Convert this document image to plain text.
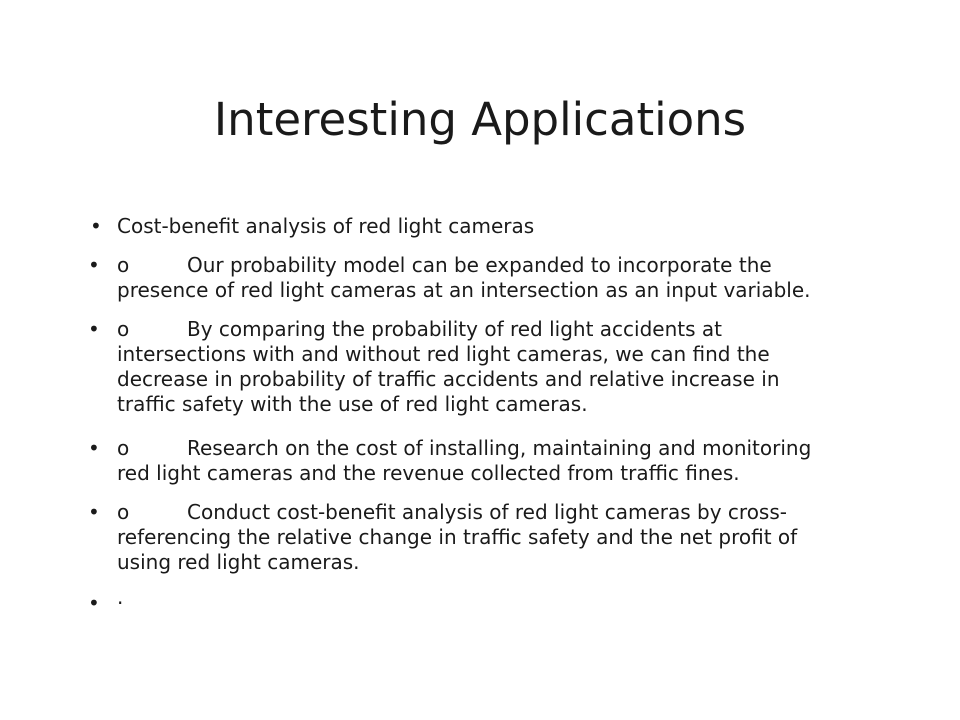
Interesting Applications
• Cost-benefit analysis of red light cameras
• o	Our probability model can be expanded to incorporate the presence of red light cameras at an intersection as an input variable.
• o	By comparing the probability of red light accidents at intersections with and without red light cameras, we can find the decrease in probability of traffic accidents and relative increase in traffic safety with the use of red light cameras.
• o	Research on the cost of installing, maintaining and monitoring red light cameras and the revenue collected from traffic fines.
• o	Conduct cost-benefit analysis of red light cameras by cross-referencing the relative change in traffic safety and the net profit of using red light cameras.
• ·
